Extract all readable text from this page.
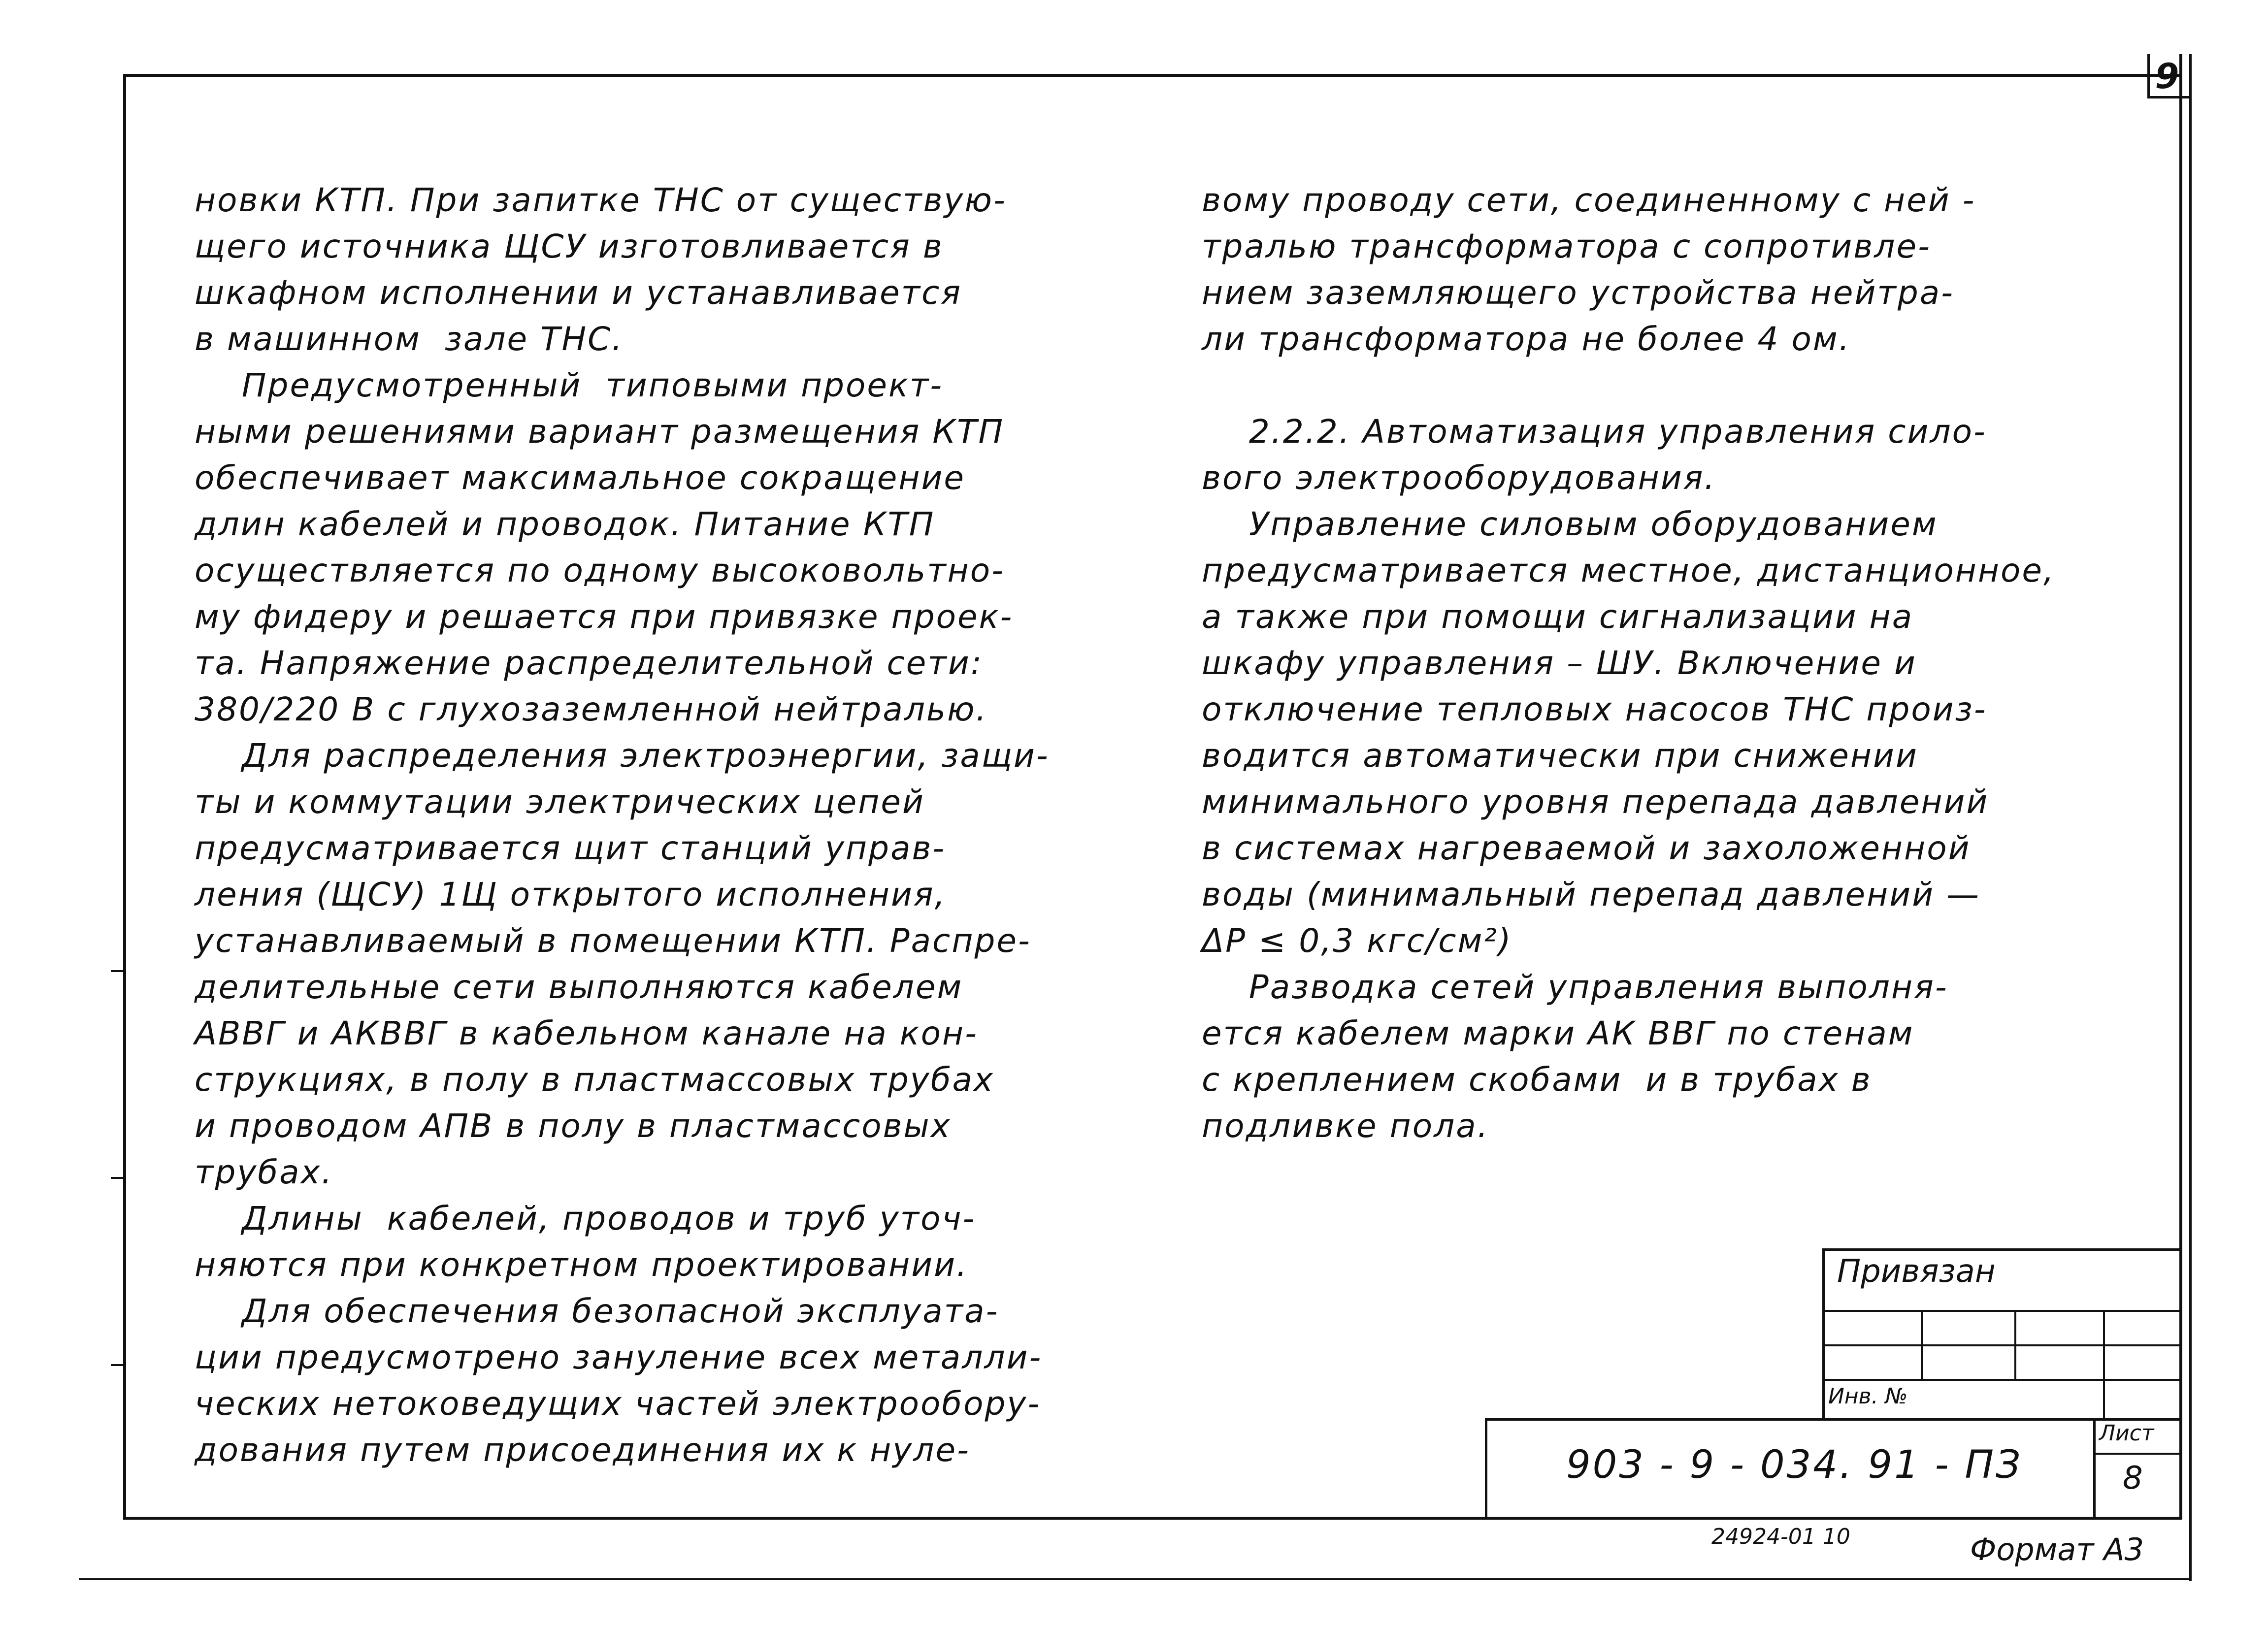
9
новки КТП. При запитке ТНС от существую-
щего источника ЩСУ изготовливается в
шкафном исполнении и устанавливается
в машинном  зале ТНС.
Предусмотренный  типовыми проект-
ными решениями вариант размещения КТП
обеспечивает максимальное сокращение
длин кабелей и проводок. Питание КТП
осуществляется по одному высоковольтно-
му фидеру и решается при привязке проек-
та. Напряжение распределительной сети:
380/220 В с глухозаземленной нейтралью.
Для распределения электроэнергии, защи-
ты и коммутации электрических цепей
предусматривается щит станций управ-
ления (ЩСУ) 1Щ открытого исполнения,
устанавливаемый в помещении КТП. Распре-
делительные сети выполняются кабелем
АВВГ и АКВВГ в кабельном канале на кон-
струкциях, в полу в пластмассовых трубах
и проводом АПВ в полу в пластмассовых
трубах.
Длины  кабелей, проводов и труб уточ-
няются при конкретном проектировании.
Для обеспечения безопасной эксплуата-
ции предусмотрено зануление всех металли-
ческих нетоковедущих частей электрообору-
дования путем присоединения их к нуле-
вому проводу сети, соединенному с ней -
тралью трансформатора с сопротивле-
нием заземляющего устройства нейтра-
ли трансформатора не более 4 ом.
2.2.2. Автоматизация управления сило-
вого электрооборудования.
Управление силовым оборудованием
предусматривается местное, дистанционное,
а также при помощи сигнализации на
шкафу управления – ШУ. Включение и
отключение тепловых насосов ТНС произ-
водится автоматически при снижении
минимального уровня перепада давлений
в системах нагреваемой и захоложенной
воды (минимальный перепад давлений —
ΔP ≤ 0,3 кгс/см²)
Разводка сетей управления выполня-
ется кабелем марки АК ВВГ по стенам
с креплением скобами  и в трубах в
подливке пола.
Привязан
Инв. №
Лист
8
903 - 9 - 034. 91 - ПЗ
24924-01 10	Формат А3
